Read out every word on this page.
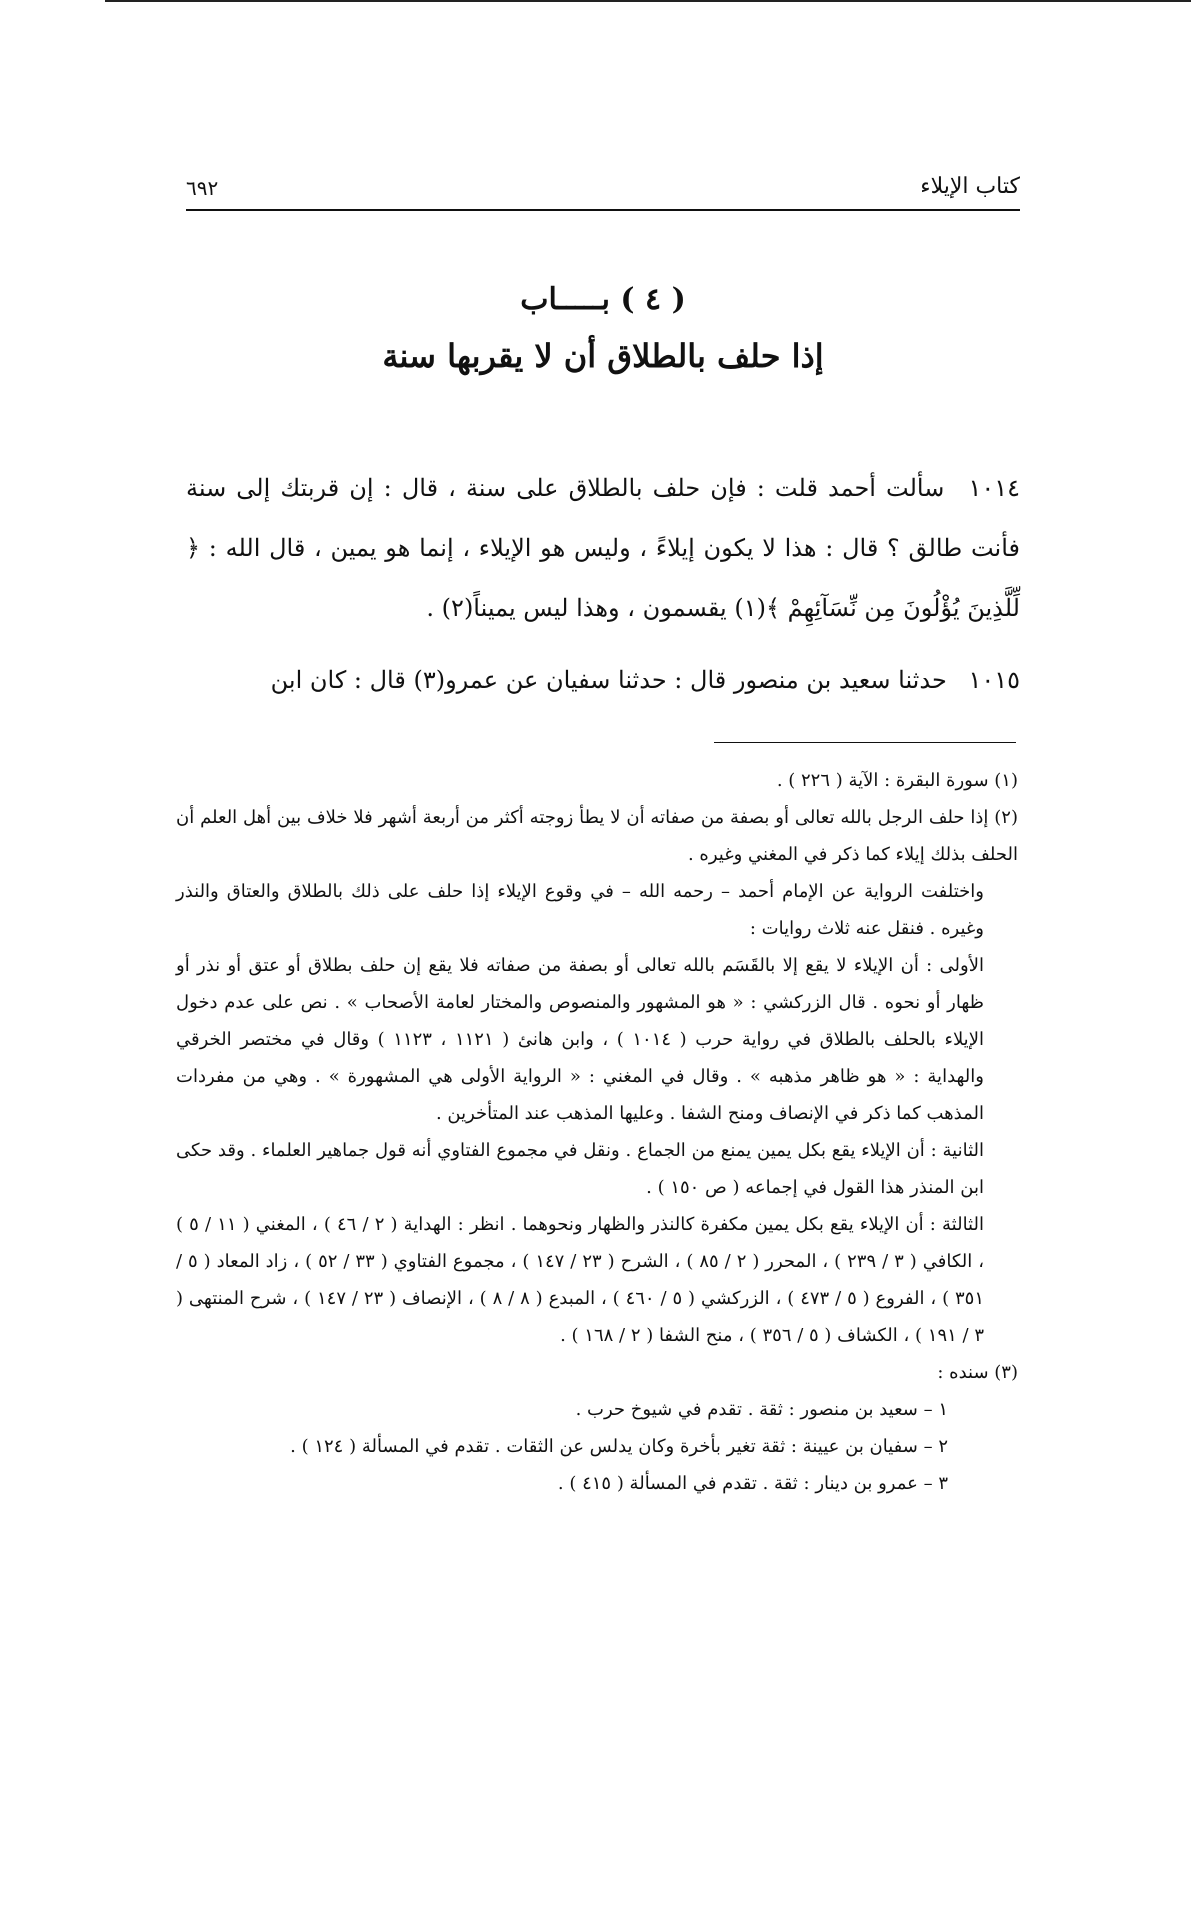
كتاب الإيلاء
٦٩٢
( ٤ ) بـــــاب
إذا حلف بالطلاق أن لا يقربها سنة
١٠١٤ سألت أحمد قلت : فإن حلف بالطلاق على سنة ، قال : إن قربتك إلى سنة فأنت طالق ؟ قال : هذا لا يكون إيلاءً ، وليس هو الإيلاء ، إنما هو يمين ، قال الله : ﴿ لِّلَّذِينَ يُؤْلُونَ مِن نِّسَآئِهِمْ ﴾(١) يقسمون ، وهذا ليس يميناً(٢) .
١٠١٥ حدثنا سعيد بن منصور قال : حدثنا سفيان عن عمرو(٣) قال : كان ابن

(١) سورة البقرة : الآية ( ٢٢٦ ) .

(٢) إذا حلف الرجل بالله تعالى أو بصفة من صفاته أن لا يطأ زوجته أكثر من أربعة أشهر فلا خلاف بين أهل العلم أن الحلف بذلك إيلاء كما ذكر في المغني وغيره .

واختلفت الرواية عن الإمام أحمد – رحمه الله – في وقوع الإيلاء إذا حلف على ذلك بالطلاق والعتاق والنذر وغيره . فنقل عنه ثلاث روايات :

الأولى : أن الإيلاء لا يقع إلا بالقَسَم بالله تعالى أو بصفة من صفاته فلا يقع إن حلف بطلاق أو عتق أو نذر أو ظهار أو نحوه . قال الزركشي : « هو المشهور والمنصوص والمختار لعامة الأصحاب » . نص على عدم دخول الإيلاء بالحلف بالطلاق في رواية حرب ( ١٠١٤ ) ، وابن هانئ ( ١١٢١ ، ١١٢٣ ) وقال في مختصر الخرقي والهداية : « هو ظاهر مذهبه » . وقال في المغني : « الرواية الأولى هي المشهورة » . وهي من مفردات المذهب كما ذكر في الإنصاف ومنح الشفا . وعليها المذهب عند المتأخرين .

الثانية : أن الإيلاء يقع بكل يمين يمنع من الجماع . ونقل في مجموع الفتاوي أنه قول جماهير العلماء . وقد حكى ابن المنذر هذا القول في إجماعه ( ص ١٥٠ ) .

الثالثة : أن الإيلاء يقع بكل يمين مكفرة كالنذر والظهار ونحوهما . انظر : الهداية ( ٢ / ٤٦ ) ، المغني ( ١١ / ٥ ) ، الكافي ( ٣ / ٢٣٩ ) ، المحرر ( ٢ / ٨٥ ) ، الشرح ( ٢٣ / ١٤٧ ) ، مجموع الفتاوي ( ٣٣ / ٥٢ ) ، زاد المعاد ( ٥ / ٣٥١ ) ، الفروع ( ٥ / ٤٧٣ ) ، الزركشي ( ٥ / ٤٦٠ ) ، المبدع ( ٨ / ٨ ) ، الإنصاف ( ٢٣ / ١٤٧ ) ، شرح المنتهى ( ٣ / ١٩١ ) ، الكشاف ( ٥ / ٣٥٦ ) ، منح الشفا ( ٢ / ١٦٨ ) .

(٣) سنده :

١ – سعيد بن منصور : ثقة . تقدم في شيوخ حرب .

٢ – سفيان بن عيينة : ثقة تغير بأخرة وكان يدلس عن الثقات . تقدم في المسألة ( ١٢٤ ) .

٣ – عمرو بن دينار : ثقة . تقدم في المسألة ( ٤١٥ ) .
